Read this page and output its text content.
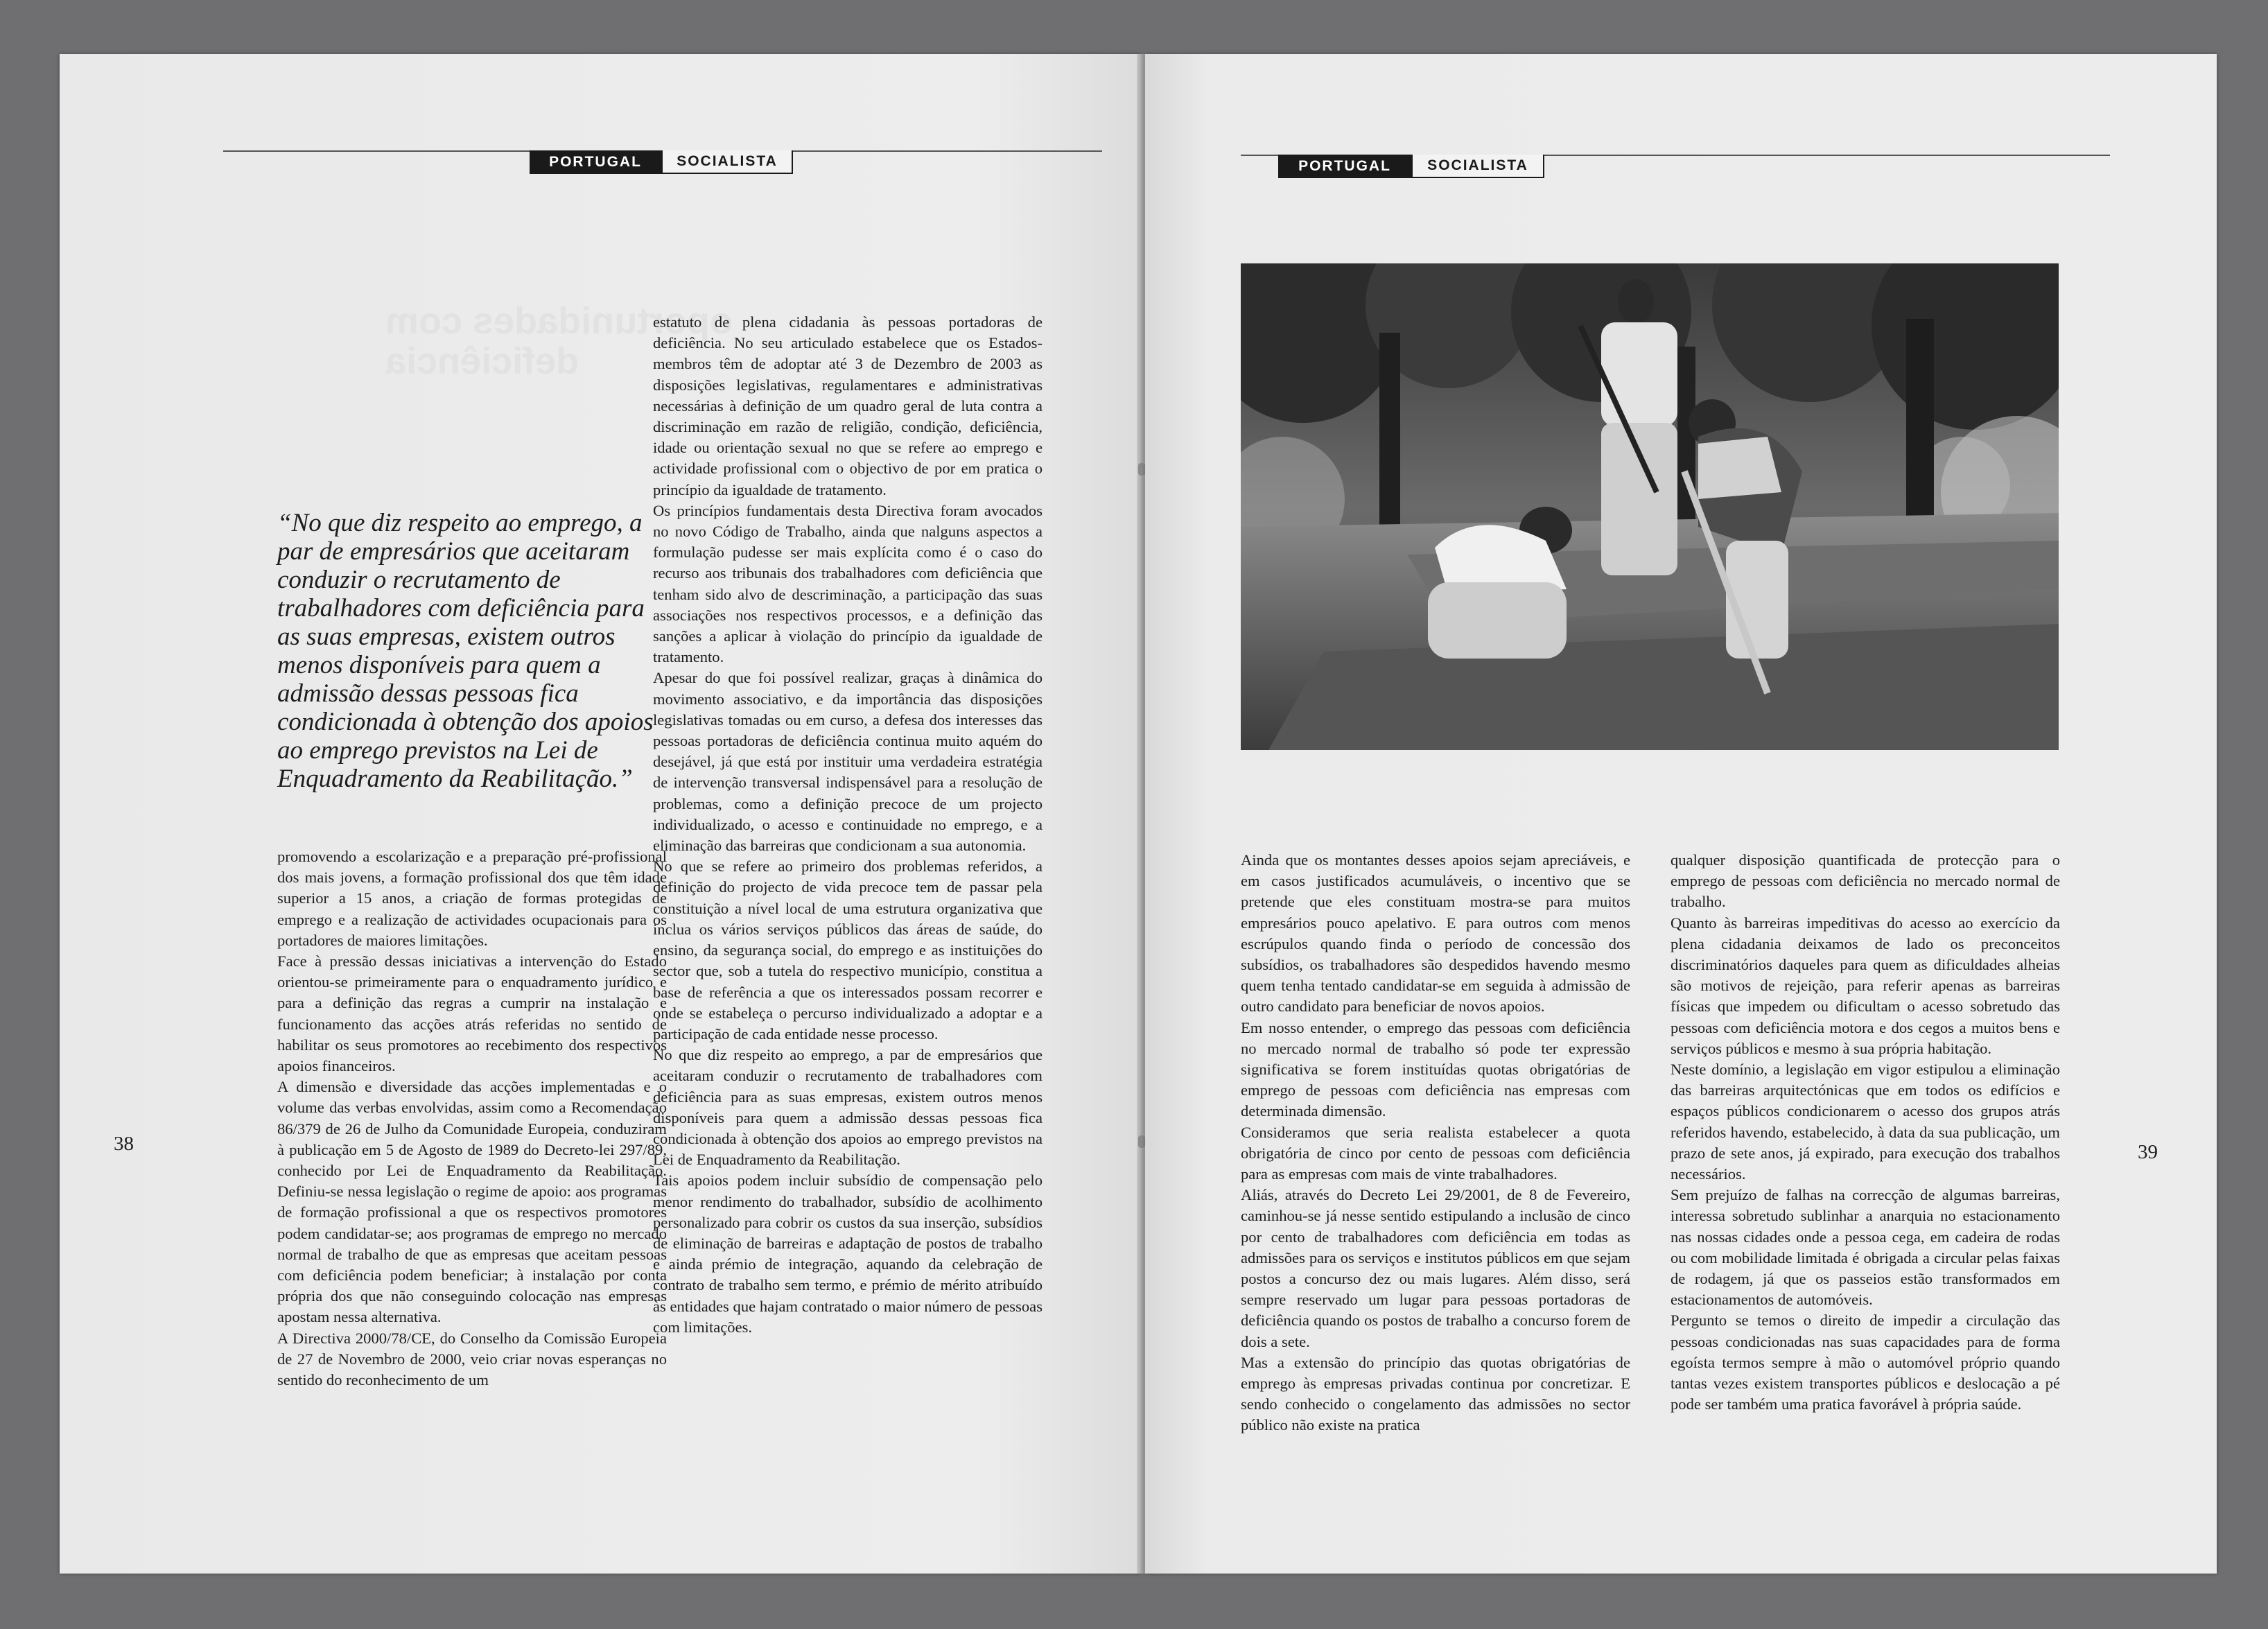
PORTUGAL	SOCIALISTA
oportunidades com deficiência

“No que diz respeito ao emprego, a par de empresários que aceitaram conduzir o recrutamento de trabalhadores com deficiência para as suas empresas, existem outros menos disponíveis para quem a admissão dessas pessoas fica condicionada à obtenção dos apoios ao emprego previstos na Lei de Enquadramento da Reabilitação.”

promovendo a escolarização e a preparação pré-profissional dos mais jovens, a formação profissional dos que têm idade superior a 15 anos, a criação de formas protegidas de emprego e a realização de actividades ocupacionais para os portadores de maiores limitações.

Face à pressão dessas iniciativas a intervenção do Estado orientou-se primeiramente para o enquadramento jurídico e para a definição das regras a cumprir na instalação e funcionamento das acções atrás referidas no sentido de habilitar os seus promotores ao recebimento dos respectivos apoios financeiros.

A dimensão e diversidade das acções implementadas e o volume das verbas envolvidas, assim como a Recomendação 86/379 de 26 de Julho da Comunidade Europeia, conduziram à publicação em 5 de Agosto de 1989 do Decreto-lei 297/89, conhecido por Lei de Enquadramento da Reabilitação. Definiu-se nessa legislação o regime de apoio: aos programas de formação profissional a que os respectivos promotores podem candidatar-se; aos programas de emprego no mercado normal de trabalho de que as empresas que aceitam pessoas com deficiência podem beneficiar; à instalação por conta própria dos que não conseguindo colocação nas empresas apostam nessa alternativa.

A Directiva 2000/78/CE, do Conselho da Comissão Europeia de 27 de Novembro de 2000, veio criar novas esperanças no sentido do reconhecimento de um

estatuto de plena cidadania às pessoas portadoras de deficiência. No seu articulado estabelece que os Estados-membros têm de adoptar até 3 de Dezembro de 2003 as disposições legislativas, regulamentares e administrativas necessárias à definição de um quadro geral de luta contra a discriminação em razão de religião, condição, deficiência, idade ou orientação sexual no que se refere ao emprego e actividade profissional com o objectivo de por em pratica o princípio da igualdade de tratamento.

Os princípios fundamentais desta Directiva foram avocados no novo Código de Trabalho, ainda que nalguns aspectos a formulação pudesse ser mais explícita como é o caso do recurso aos tribunais dos trabalhadores com deficiência que tenham sido alvo de descriminação, a participação das suas associações nos respectivos processos, e a definição das sanções a aplicar à violação do princípio da igualdade de tratamento.

Apesar do que foi possível realizar, graças à dinâmica do movimento associativo, e da importância das disposições legislativas tomadas ou em curso, a defesa dos interesses das pessoas portadoras de deficiência continua muito aquém do desejável, já que está por instituir uma verdadeira estratégia de intervenção transversal indispensável para a resolução de problemas, como a definição precoce de um projecto individualizado, o acesso e continuidade no emprego, e a eliminação das barreiras que condicionam a sua autonomia.

No que se refere ao primeiro dos problemas referidos, a definição do projecto de vida precoce tem de passar pela constituição a nível local de uma estrutura organizativa que inclua os vários serviços públicos das áreas de saúde, do ensino, da segurança social, do emprego e as instituições do sector que, sob a tutela do respectivo município, constitua a base de referência a que os interessados possam recorrer e onde se estabeleça o percurso individualizado a adoptar e a participação de cada entidade nesse processo.

No que diz respeito ao emprego, a par de empresários que aceitaram conduzir o recrutamento de trabalhadores com deficiência para as suas empresas, existem outros menos disponíveis para quem a admissão dessas pessoas fica condicionada à obtenção dos apoios ao emprego previstos na Lei de Enquadramento da Reabilitação.

Tais apoios podem incluir subsídio de compensação pelo menor rendimento do trabalhador, subsídio de acolhimento personalizado para cobrir os custos da sua inserção, subsídios de eliminação de barreiras e adaptação de postos de trabalho e ainda prémio de integração, aquando da celebração de contrato de trabalho sem termo, e prémio de mérito atribuído às entidades que hajam contratado o maior número de pessoas com limitações.

38
PORTUGAL	SOCIALISTA

Ainda que os montantes desses apoios sejam apreciáveis, e em casos justificados acumuláveis, o incentivo que se pretende que eles constituam mostra-se para muitos empresários pouco apelativo. E para outros com menos escrúpulos quando finda o período de concessão dos subsídios, os trabalhadores são despedidos havendo mesmo quem tenha tentado candidatar-se em seguida à admissão de outro candidato para beneficiar de novos apoios.

Em nosso entender, o emprego das pessoas com deficiência no mercado normal de trabalho só pode ter expressão significativa se forem instituídas quotas obrigatórias de emprego de pessoas com deficiência nas empresas com determinada dimensão.

Consideramos que seria realista estabelecer a quota obrigatória de cinco por cento de pessoas com deficiência para as empresas com mais de vinte trabalhadores.

Aliás, através do Decreto Lei 29/2001, de 8 de Fevereiro, caminhou-se já nesse sentido estipulando a inclusão de cinco por cento de trabalhadores com deficiência em todas as admissões para os serviços e institutos públicos em que sejam postos a concurso dez ou mais lugares. Além disso, será sempre reservado um lugar para pessoas portadoras de deficiência quando os postos de trabalho a concurso forem de dois a sete.

Mas a extensão do princípio das quotas obrigatórias de emprego às empresas privadas continua por concretizar. E sendo conhecido o congelamento das admissões no sector público não existe na pratica

qualquer disposição quantificada de protecção para o emprego de pessoas com deficiência no mercado normal de trabalho.

Quanto às barreiras impeditivas do acesso ao exercício da plena cidadania deixamos de lado os preconceitos discriminatórios daqueles para quem as dificuldades alheias são motivos de rejeição, para referir apenas as barreiras físicas que impedem ou dificultam o acesso sobretudo das pessoas com deficiência motora e dos cegos a muitos bens e serviços públicos e mesmo à sua própria habitação.

Neste domínio, a legislação em vigor estipulou a eliminação das barreiras arquitectónicas que em todos os edifícios e espaços públicos condicionarem o acesso dos grupos atrás referidos havendo, estabelecido, à data da sua publicação, um prazo de sete anos, já expirado, para execução dos trabalhos necessários.

Sem prejuízo de falhas na correcção de algumas barreiras, interessa sobretudo sublinhar a anarquia no estacionamento nas nossas cidades onde a pessoa cega, em cadeira de rodas ou com mobilidade limitada é obrigada a circular pelas faixas de rodagem, já que os passeios estão transformados em estacionamentos de automóveis.

Pergunto se temos o direito de impedir a circulação das pessoas condicionadas nas suas capacidades para de forma egoísta termos sempre à mão o automóvel próprio quando tantas vezes existem transportes públicos e deslocação a pé pode ser também uma pratica favorável à própria saúde.

39
